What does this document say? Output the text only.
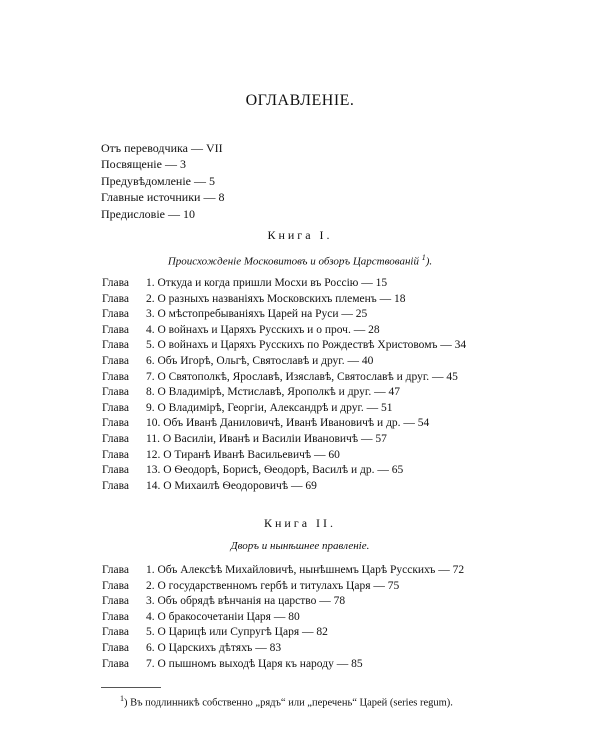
ОГЛАВЛЕНІЕ.
Отъ переводчика — VII
Посвященіе — 3
Предувѣдомленіе — 5
Главные источники — 8
Предисловіе — 10
Книга I.
Происхожденіе Московитовъ и обзоръ Царствованій $^1$).
Глава 1. Откуда и когда пришли Мосхи въ Россію — 15
Глава 2. О разныхъ названіяхъ Московскихъ племенъ — 18
Глава 3. О мѣстопребываніяхъ Царей на Руси — 25
Глава 4. О войнахъ и Царяхъ Русскихъ и о проч. — 28
Глава 5. О войнахъ и Царяхъ Русскихъ по Рождествѣ Христовомъ — 34
Глава 6. Объ Игорѣ, Ольгѣ, Святославѣ и друг. — 40
Глава 7. О Святополкѣ, Ярославѣ, Изяславѣ, Святославѣ и друг. — 45
Глава 8. О Владимірѣ, Мстиславѣ, Ярополкѣ и друг. — 47
Глава 9. О Владимірѣ, Георгіи, Александрѣ и друг. — 51
Глава 10. Объ Иванѣ Даниловичѣ, Иванѣ Ивановичѣ и др. — 54
Глава 11. О Василіи, Иванѣ и Василіи Ивановичѣ — 57
Глава 12. О Тиранѣ Иванѣ Васильевичѣ — 60
Глава 13. О Ѳеодорѣ, Борисѣ, Ѳеодорѣ, Василѣ и др. — 65
Глава 14. О Михаилѣ Ѳеодоровичѣ — 69
Книга II.
Дворъ и нынѣшнее правленіе.
Глава 1. Объ Алексѣѣ Михайловичѣ, нынѣшнемъ Царѣ Русскихъ — 72
Глава 2. О государственномъ гербѣ и титулахъ Царя — 75
Глава 3. Объ обрядѣ вѣнчанія на царство — 78
Глава 4. О бракосочетаніи Царя — 80
Глава 5. О Царицѣ или Супругѣ Царя — 82
Глава 6. О Царскихъ дѣтяхъ — 83
Глава 7. О пышномъ выходѣ Царя къ народу — 85
$^1$) Въ подлинникѣ собственно „рядъ“ или „перечень“ Царей (series regum).
